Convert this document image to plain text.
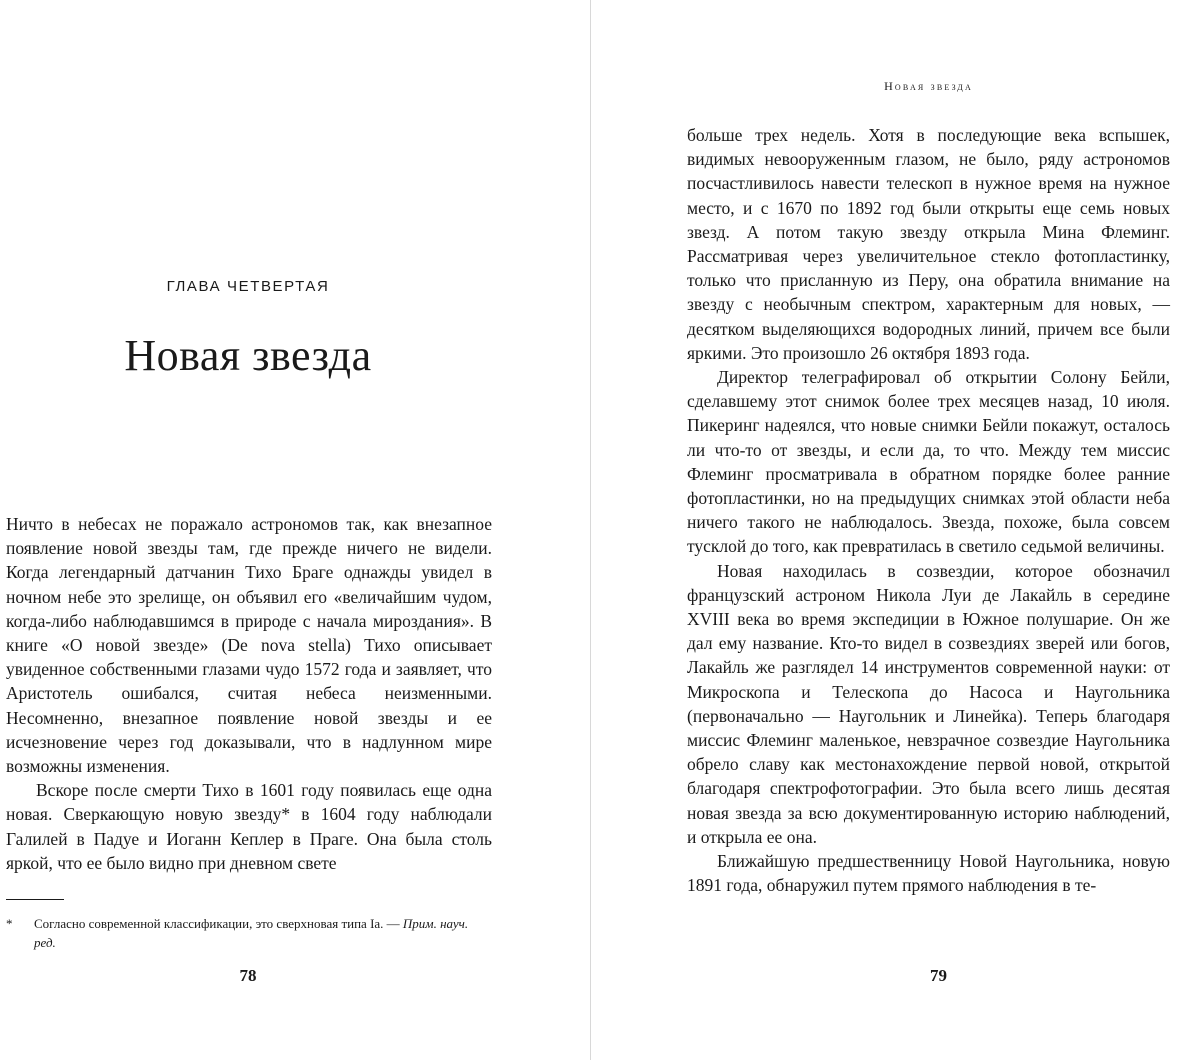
ГЛАВА ЧЕТВЕРТАЯ
Новая звезда

Ничто в небесах не поражало астрономов так, как внезапное появление новой звезды там, где прежде ничего не видели. Когда легендарный датчанин Тихо Браге однажды увидел в ночном небе это зрелище, он объявил его «величайшим чудом, когда-либо наблюдавшимся в природе с начала мироздания». В книге «О новой звезде» (De nova stella) Тихо описывает увиденное собственными глазами чудо 1572 года и заявляет, что Аристотель ошибался, считая небеса неизменными. Несомненно, внезапное появление новой звезды и ее исчезновение через год доказывали, что в надлунном мире возможны изменения.

Вскоре после смерти Тихо в 1601 году появилась еще одна новая. Сверкающую новую звезду* в 1604 году наблюдали Галилей в Падуе и Иоганн Кеплер в Праге. Она была столь яркой, что ее было видно при дневном свете

*	Согласно современной классификации, это сверхновая типа Ia. — Прим. науч. ред.
78
Новая звезда

больше трех недель. Хотя в последующие века вспышек, видимых невооруженным глазом, не было, ряду астрономов посчастливилось навести телескоп в нужное время на нужное место, и с 1670 по 1892 год были открыты еще семь новых звезд. А потом такую звезду открыла Мина Флеминг. Рассматривая через увеличительное стекло фотопластинку, только что присланную из Перу, она обратила внимание на звезду с необычным спектром, характерным для новых, — десятком выделяющихся водородных линий, причем все были яркими. Это произошло 26 октября 1893 года.

Директор телеграфировал об открытии Солону Бейли, сделавшему этот снимок более трех месяцев назад, 10 июля. Пикеринг надеялся, что новые снимки Бейли покажут, осталось ли что-то от звезды, и если да, то что. Между тем миссис Флеминг просматривала в обратном порядке более ранние фотопластинки, но на предыдущих снимках этой области неба ничего такого не наблюдалось. Звезда, похоже, была совсем тусклой до того, как превратилась в светило седьмой величины.

Новая находилась в созвездии, которое обозначил французский астроном Никола Луи де Лакайль в середине XVIII века во время экспедиции в Южное полушарие. Он же дал ему название. Кто-то видел в созвездиях зверей или богов, Лакайль же разглядел 14 инструментов современной науки: от Микроскопа и Телескопа до Насоса и Наугольника (первоначально — Наугольник и Линейка). Теперь благодаря миссис Флеминг маленькое, невзрачное созвездие Наугольника обрело славу как местонахождение первой новой, открытой благодаря спектрофотографии. Это была всего лишь десятая новая звезда за всю документированную историю наблюдений, и открыла ее она.

Ближайшую предшественницу Новой Наугольника, новую 1891 года, обнаружил путем прямого наблюдения в те-

79
